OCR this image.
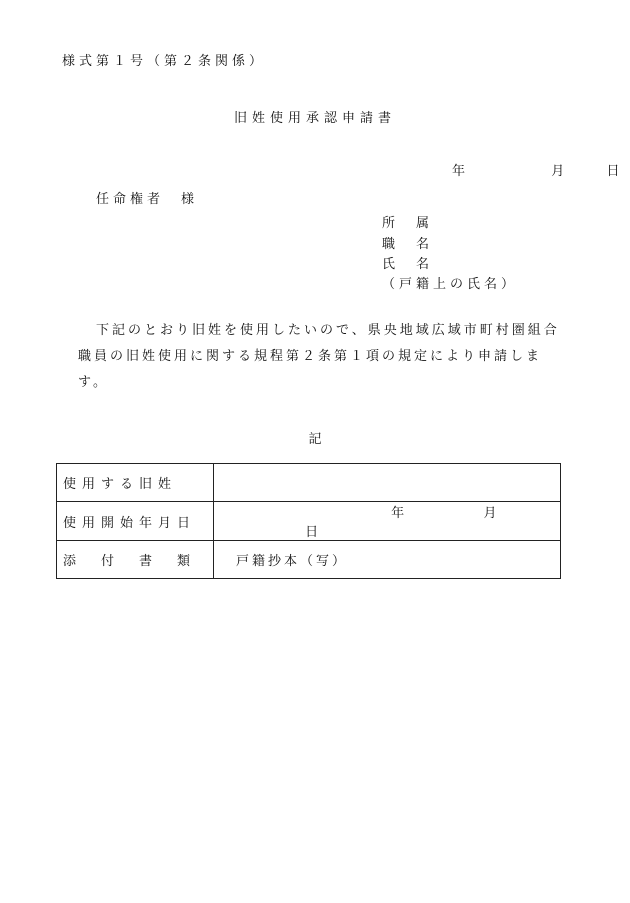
様式第１号（第２条関係）
旧姓使用承認申請書
年	月	日
任命権者　様
所　属
職　名
氏　名
（戸籍上の氏名）
下記のとおり旧姓を使用したいので、県央地域広域市町村圏組合職員の旧姓使用に関する規程第２条第１項の規定により申請します。
記
使用する旧姓	
使用開始年月日	年 月  日
添　付　書　類	戸籍抄本（写）
